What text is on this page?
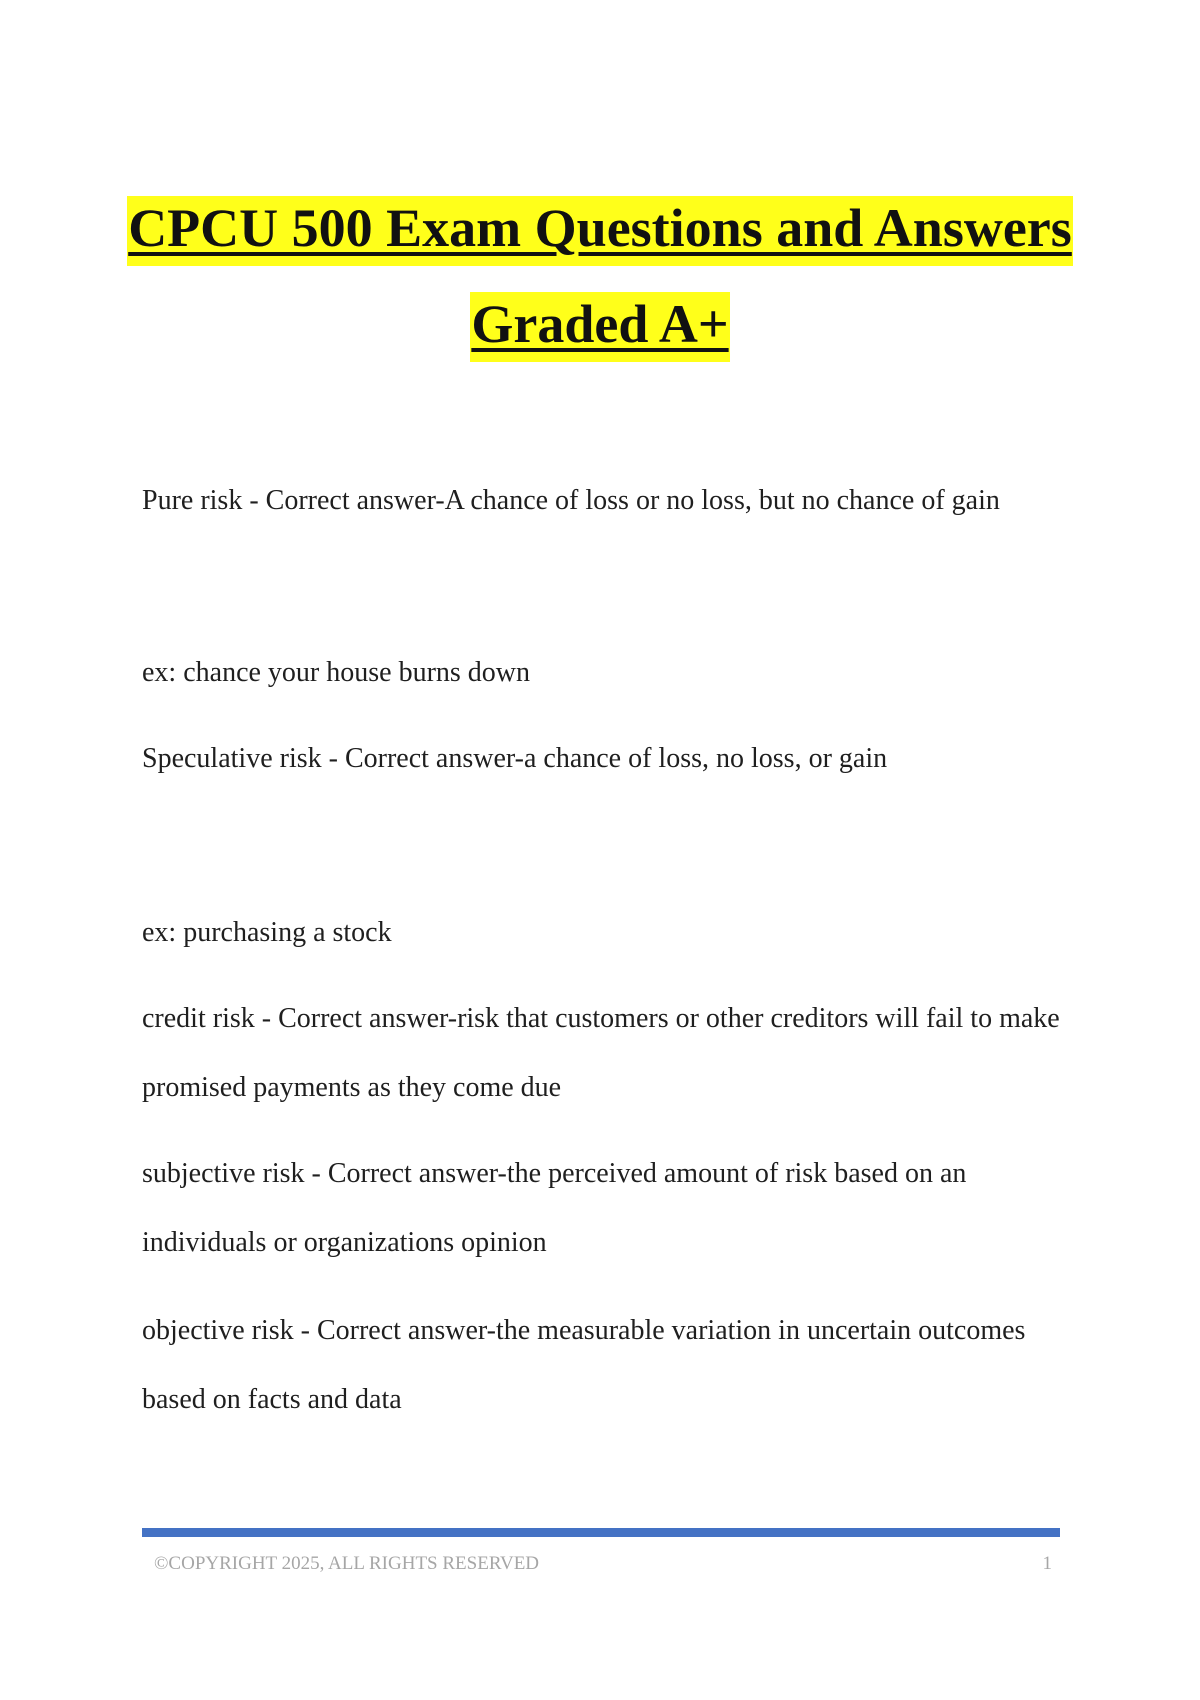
CPCU 500 Exam Questions and Answers
Graded A+
Pure risk - Correct answer-A chance of loss or no loss, but no chance of gain
ex: chance your house burns down
Speculative risk - Correct answer-a chance of loss, no loss, or gain
ex: purchasing a stock
credit risk - Correct answer-risk that customers or other creditors will fail to make
promised payments as they come due
subjective risk - Correct answer-the perceived amount of risk based on an
individuals or organizations opinion
objective risk - Correct answer-the measurable variation in uncertain outcomes
based on facts and data
©COPYRIGHT 2025, ALL RIGHTS RESERVED	1
